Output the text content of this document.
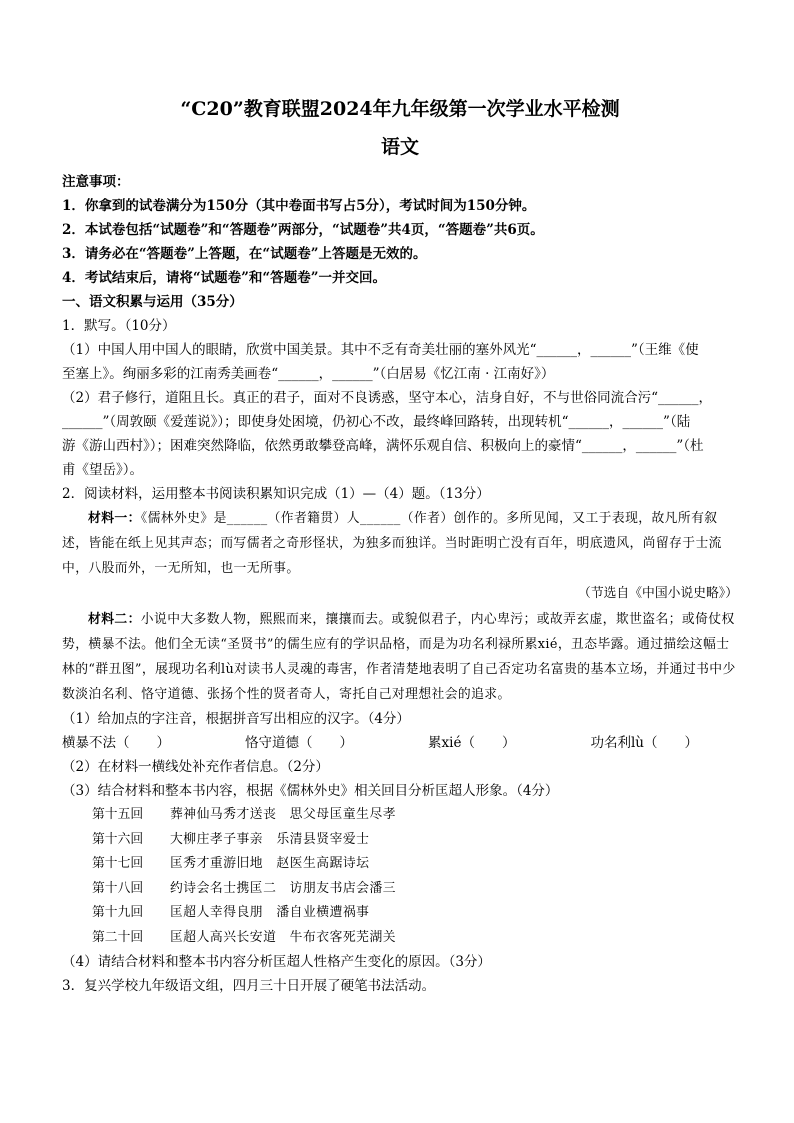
“C20”教育联盟2024年九年级第一次学业水平检测
语文

注意事项：

1．你拿到的试卷满分为150分（其中卷面书写占5分），考试时间为150分钟。

2．本试卷包括“试题卷”和“答题卷”两部分，“试题卷”共4页，“答题卷”共6页。

3．请务必在“答题卷”上答题，在“试题卷”上答题是无效的。

4．考试结束后，请将“试题卷”和“答题卷”一并交回。

一、语文积累与运用（35分）

1．默写。（10分）

（1）中国人用中国人的眼睛，欣赏中国美景。其中不乏有奇美壮丽的塞外风光“______，______”（王维《使

至塞上》。绚丽多彩的江南秀美画卷“______，______”（白居易《忆江南 · 江南好》）

（2）君子修行，道阻且长。真正的君子，面对不良诱惑，坚守本心，洁身自好，不与世俗同流合污“______，

______”（周敦颐《爱莲说》）；即使身处困境，仍初心不改，最终峰回路转，出现转机“______，______”（陆

游《游山西村》）；困难突然降临，依然勇敢攀登高峰，满怀乐观自信、积极向上的豪情“______，______”（杜

甫《望岳》）。

2．阅读材料，运用整本书阅读积累知识完成（1）—（4）题。（13分）

材料一：《儒林外史》是______（作者籍贯）人______（作者）创作的。多所见闻，又工于表现，故凡所有叙述，皆能在纸上见其声态；而写儒者之奇形怪状，为独多而独详。当时距明亡没有百年，明底遗风，尚留存于士流中，八股而外，一无所知，也一无所事。

（节选自《中国小说史略》）

材料二：小说中大多数人物，熙熙而来，攘攘而去。或貌似君子，内心卑污；或故弄玄虚，欺世盗名；或倚仗权势，横暴不法。他们全无读“圣贤书”的儒生应有的学识品格，而是为功名利禄所累xié，丑态毕露。通过描绘这幅士林的“群丑图”，展现功名利lù对读书人灵魂的毒害，作者清楚地表明了自己否定功名富贵的基本立场，并通过书中少数淡泊名利、恪守道德、张扬个性的贤者奇人，寄托自己对理想社会的追求。

（1）给加点的字注音，根据拼音写出相应的汉字。（4分）

横暴不法（　　）	恪守道德（　　）	累xié（　　）	功名利lù（　　）

（2）在材料一横线处补充作者信息。（2分）

（3）结合材料和整本书内容，根据《儒林外史》相关回目分析匡超人形象。（4分）

第十五回	葬神仙马秀才送丧　思父母匡童生尽孝
第十六回	大柳庄孝子事亲　乐清县贤宰爱士
第十七回	匡秀才重游旧地　赵医生高踞诗坛
第十八回	约诗会名士携匡二　访朋友书店会潘三
第十九回	匡超人幸得良朋　潘自业横遭祸事
第二十回	匡超人高兴长安道　牛布衣客死芜湖关

（4）请结合材料和整本书内容分析匡超人性格产生变化的原因。（3分）

3．复兴学校九年级语文组，四月三十日开展了硬笔书法活动。
